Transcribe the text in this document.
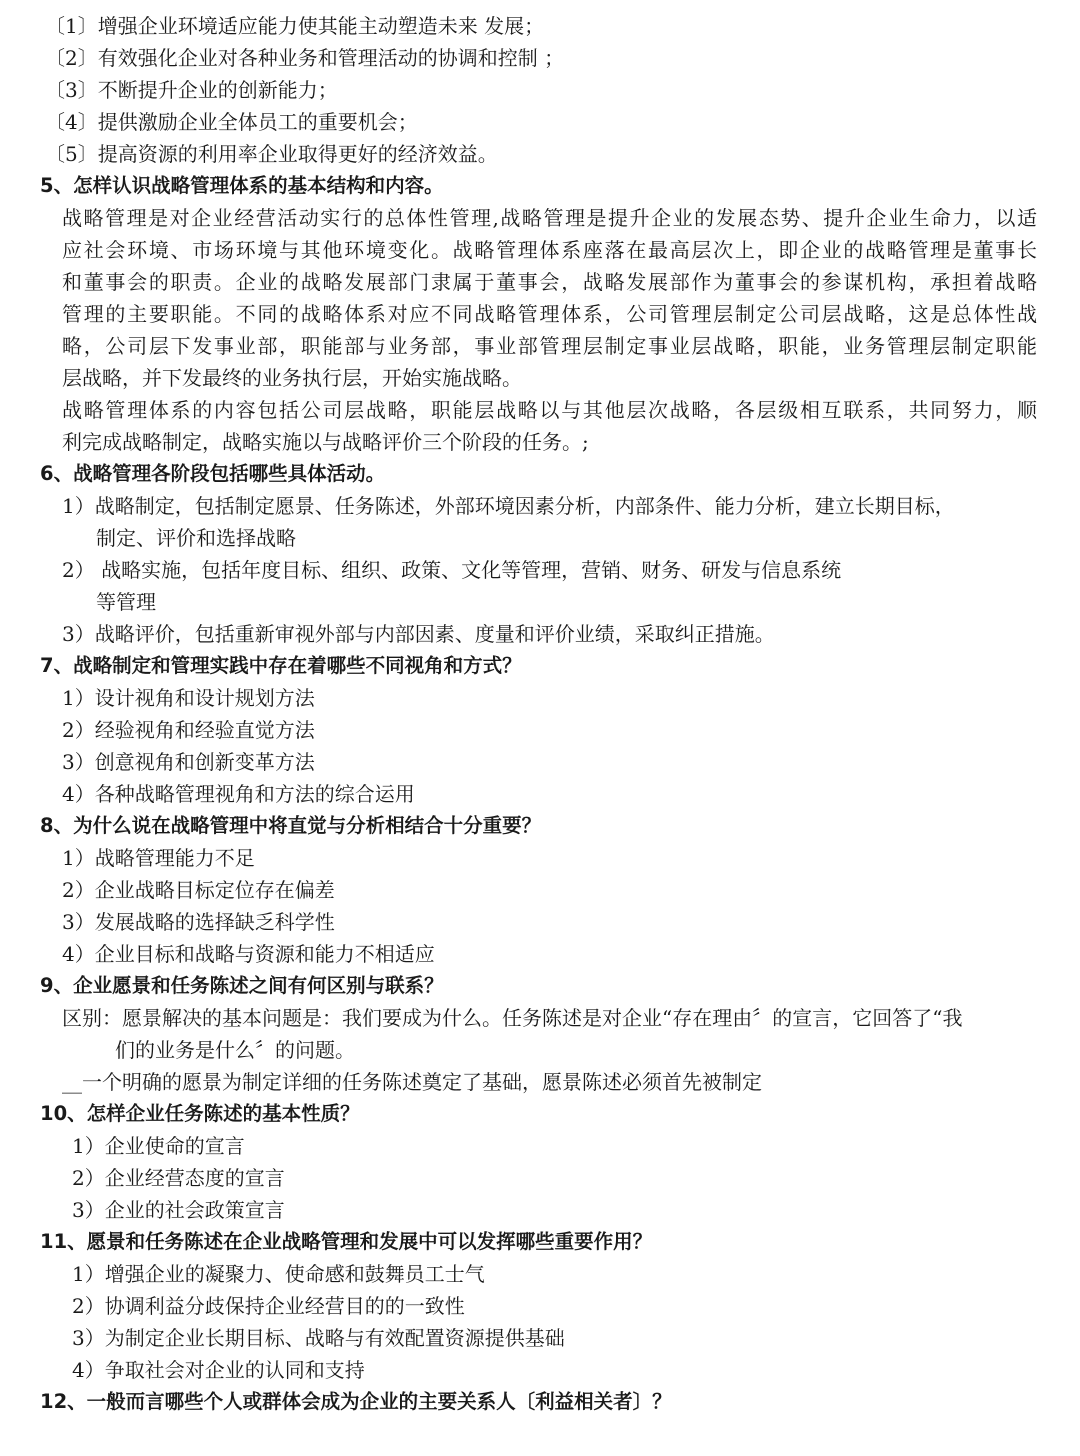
〔1〕增强企业环境适应能力使其能主动塑造未来 发展；
〔2〕有效强化企业对各种业务和管理活动的协调和控制 ；
〔3〕不断提升企业的创新能力；
〔4〕提供激励企业全体员工的重要机会；
〔5〕提高资源的利用率企业取得更好的经济效益。
5、怎样认识战略管理体系的基本结构和内容。
战略管理是对企业经营活动实行的总体性管理,战略管理是提升企业的发展态势、提升企业生命力，以适
应社会环境、市场环境与其他环境变化。战略管理体系座落在最高层次上，即企业的战略管理是董事长
和董事会的职责。企业的战略发展部门隶属于董事会，战略发展部作为董事会的参谋机构，承担着战略
管理的主要职能。不同的战略体系对应不同战略管理体系，公司管理层制定公司层战略，这是总体性战
略，公司层下发事业部，职能部与业务部，事业部管理层制定事业层战略，职能，业务管理层制定职能
层战略，并下发最终的业务执行层，开始实施战略。
战略管理体系的内容包括公司层战略，职能层战略以与其他层次战略，各层级相互联系，共同努力，顺
利完成战略制定，战略实施以与战略评价三个阶段的任务。;
6、战略管理各阶段包括哪些具体活动。
1）战略制定，包括制定愿景、任务陈述，外部环境因素分析，内部条件、能力分析，建立长期目标，
制定、评价和选择战略
2） 战略实施，包括年度目标、组织、政策、文化等管理，营销、财务、研发与信息系统
等管理
3）战略评价，包括重新审视外部与内部因素、度量和评价业绩，采取纠正措施。
7、战略制定和管理实践中存在着哪些不同视角和方式？
1）设计视角和设计规划方法
2）经验视角和经验直觉方法
3）创意视角和创新变革方法
4）各种战略管理视角和方法的综合运用
8、为什么说在战略管理中将直觉与分析相结合十分重要？
1）战略管理能力不足
2）企业战略目标定位存在偏差
3）发展战略的选择缺乏科学性
4）企业目标和战略与资源和能力不相适应
9、企业愿景和任务陈述之间有何区别与联系？
区别：愿景解决的基本问题是：我们要成为什么。任务陈述是对企业“存在理由〞的宣言，它回答了“我
们的业务是什么〞的问题。
__一个明确的愿景为制定详细的任务陈述奠定了基础，愿景陈述必须首先被制定
10、怎样企业任务陈述的基本性质？
1）企业使命的宣言
2）企业经营态度的宣言
3）企业的社会政策宣言
11、愿景和任务陈述在企业战略管理和发展中可以发挥哪些重要作用？
1）增强企业的凝聚力、使命感和鼓舞员工士气
2）协调利益分歧保持企业经营目的的一致性
3）为制定企业长期目标、战略与有效配置资源提供基础
4）争取社会对企业的认同和支持
12、一般而言哪些个人或群体会成为企业的主要关系人〔利益相关者〕？
